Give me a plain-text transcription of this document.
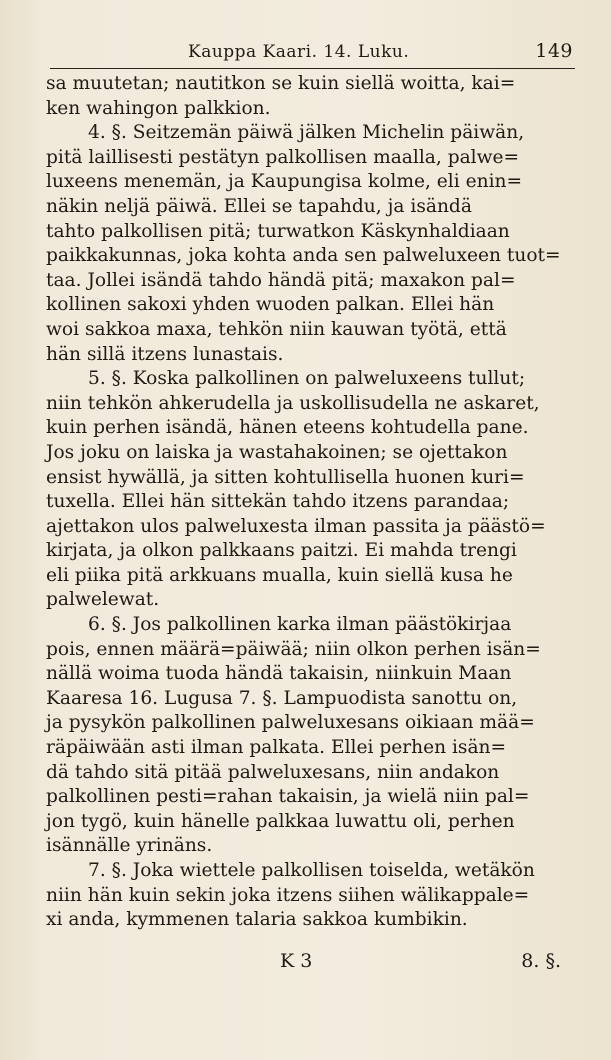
Kauppa Kaari. 14. Luku.	149
sa muutetan; nautitkon se kuin siellä woitta, kai=
ken wahingon palkkion.
4. §. Seitzemän päiwä jälken Michelin päiwän,
pitä laillisesti pestätyn palkollisen maalla, palwe=
luxeens menemän, ja Kaupungisa kolme, eli enin=
näkin neljä päiwä. Ellei se tapahdu, ja isändä
tahto palkollisen pitä; turwatkon Käskynhaldiaan
paikkakunnas, joka kohta anda sen palweluxeen tuot=
taa. Jollei isändä tahdo händä pitä; maxakon pal=
kollinen sakoxi yhden wuoden palkan. Ellei hän
woi sakkoa maxa, tehkön niin kauwan työtä, että
hän sillä itzens lunastais.
5. §. Koska palkollinen on palweluxeens tullut;
niin tehkön ahkerudella ja uskollisudella ne askaret,
kuin perhen isändä, hänen eteens kohtudella pane.
Jos joku on laiska ja wastahakoinen; se ojettakon
ensist hywällä, ja sitten kohtullisella huonen kuri=
tuxella. Ellei hän sittekän tahdo itzens parandaa;
ajettakon ulos palweluxesta ilman passita ja päästö=
kirjata, ja olkon palkkaans paitzi. Ei mahda trengi
eli piika pitä arkkuans mualla, kuin siellä kusa he
palwelewat.
6. §. Jos palkollinen karka ilman päästökirjaa
pois, ennen määrä=päiwää; niin olkon perhen isän=
nällä woima tuoda händä takaisin, niinkuin Maan
Kaaresa 16. Lugusa 7. §. Lampuodista sanottu on,
ja pysykön palkollinen palweluxesans oikiaan mää=
räpäiwään asti ilman palkata. Ellei perhen isän=
dä tahdo sitä pitää palweluxesans, niin andakon
palkollinen pesti=rahan takaisin, ja wielä niin pal=
jon tygö, kuin hänelle palkkaa luwattu oli, perhen
isännälle yrinäns.
7. §. Joka wiettele palkollisen toiselda, wetäkön
niin hän kuin sekin joka itzens siihen wälikappale=
xi anda, kymmenen talaria sakkoa kumbikin.
K 3	8. §.
